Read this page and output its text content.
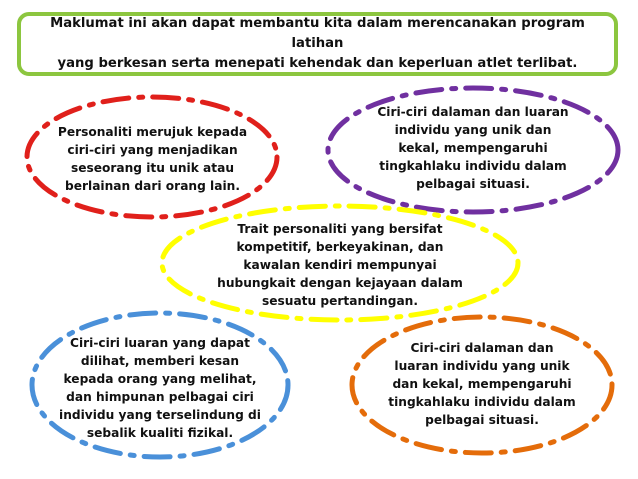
Maklumat ini akan dapat membantu kita dalam merencanakan program latihan
yang berkesan serta menepati kehendak dan keperluan atlet terlibat.
Personaliti merujuk kepada
ciri-ciri yang menjadikan
seseorang itu unik atau
berlainan dari orang lain.
Ciri-ciri dalaman dan luaran
individu yang unik dan
kekal, mempengaruhi
tingkahlaku individu dalam
pelbagai situasi.
Trait personaliti yang bersifat
kompetitif, berkeyakinan, dan
kawalan kendiri mempunyai
hubungkait dengan kejayaan dalam
sesuatu pertandingan.
Ciri-ciri luaran yang dapat
dilihat, memberi kesan
kepada orang yang melihat,
dan himpunan pelbagai ciri
individu yang terselindung di
sebalik kualiti fizikal.
Ciri-ciri dalaman dan
luaran individu yang unik
dan kekal, mempengaruhi
tingkahlaku individu dalam
pelbagai situasi.
